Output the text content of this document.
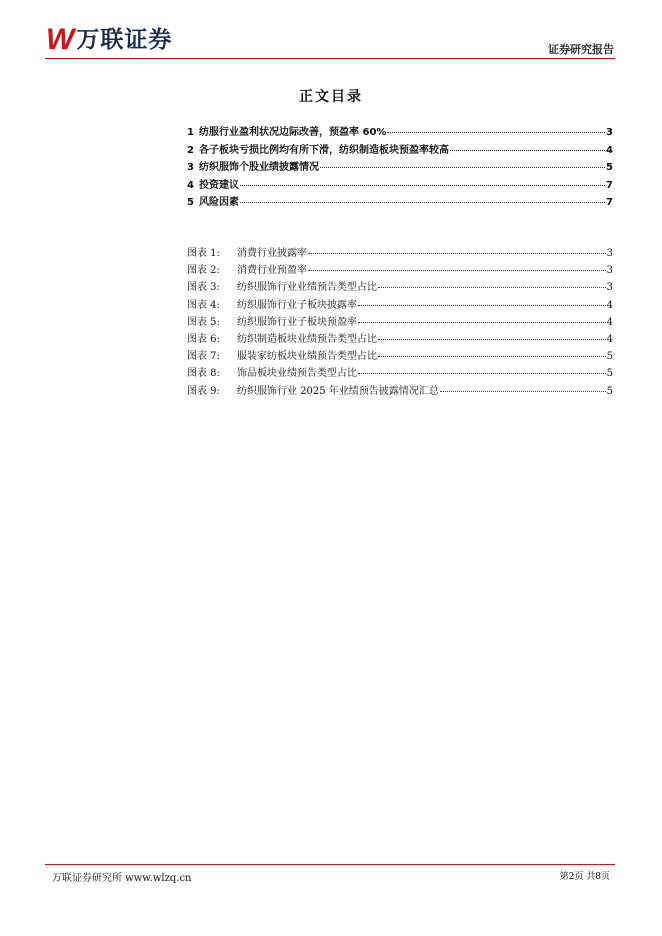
W 万联证券	证券研究报告
正文目录
1 纺服行业盈利状况边际改善，预盈率 60%	3
2 各子板块亏损比例均有所下滑，纺织制造板块预盈率较高	4
3 纺织服饰个股业绩披露情况	5
4 投资建议	7
5 风险因素	7
图表 1:	消费行业披露率	3
图表 2:	消费行业预盈率	3
图表 3:	纺织服饰行业业绩预告类型占比	3
图表 4:	纺织服饰行业子板块披露率	4
图表 5:	纺织服饰行业子板块预盈率	4
图表 6:	纺织制造板块业绩预告类型占比	4
图表 7:	服装家纺板块业绩预告类型占比	5
图表 8:	饰品板块业绩预告类型占比	5
图表 9:	纺织服饰行业 2025 年业绩预告披露情况汇总	5
万联证券研究所 www.wlzq.cn	第2页 共8页
